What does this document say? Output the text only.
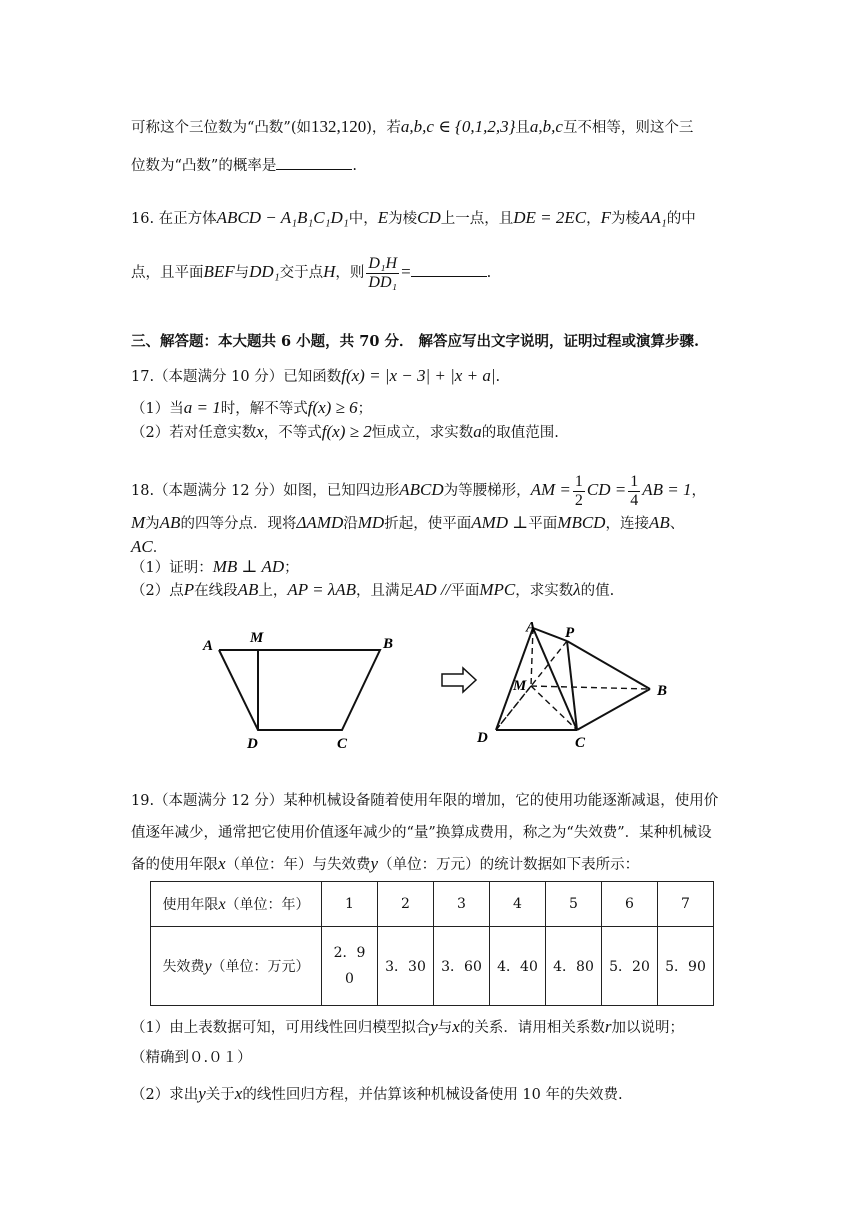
可称这个三位数为“凸数”(如132,120)，若a,b,c ∈ {0,1,2,3}且a,b,c互不相等，则这个三
位数为“凸数”的概率是	.
16. 在正方体ABCD − A₁B₁C₁D₁中，E为棱CD上一点，且DE = 2EC，F为棱AA₁的中
点，且平面BEF与DD₁交于点H，则 $\frac{\text{D₁H}}{\text{DD₁}}$ =	.
三、解答题：本大题共 6 小题，共 70 分． 解答应写出文字说明，证明过程或演算步骤.
17.（本题满分 10 分）已知函数f(x) = |x − 3| + |x + a|.
（1）当a = 1时，解不等式f(x) ≥ 6；
（2）若对任意实数x，不等式f(x) ≥ 2恒成立，求实数a的取值范围.
18.（本题满分 12 分）如图，已知四边形ABCD为等腰梯形，AM = $\frac{1}{2}$ CD = $\frac{1}{4}$ AB = 1，
M为AB的四等分点．现将ΔAMD沿MD折起，使平面AMD ⊥平面MBCD，连接AB、
AC．
（1）证明：MB ⊥ AD；
（2）点P在线段AB上，AP = λAB，且满足AD //平面MPC，求实数λ的值.
A M	B
D	C
A P
M	B
D	C
19.（本题满分 12 分）某种机械设备随着使用年限的增加，它的使用功能逐渐减退，使用价
值逐年减少，通常把它使用价值逐年减少的“量”换算成费用，称之为“失效费”．某种机械设
备的使用年限x（单位：年）与失效费y（单位：万元）的统计数据如下表所示：
使用年限x（单位：年）	1	2	3	4	5	6	7
失效费y（单位：万元）	2．9
0	3．30	3．60	4．40	4．80	5．20	5．90
（1）由上表数据可知，可用线性回归模型拟合y与x的关系．请用相关系数r加以说明；
（精确到０.０１）
（2）求出y关于x的线性回归方程，并估算该种机械设备使用 10 年的失效费.
